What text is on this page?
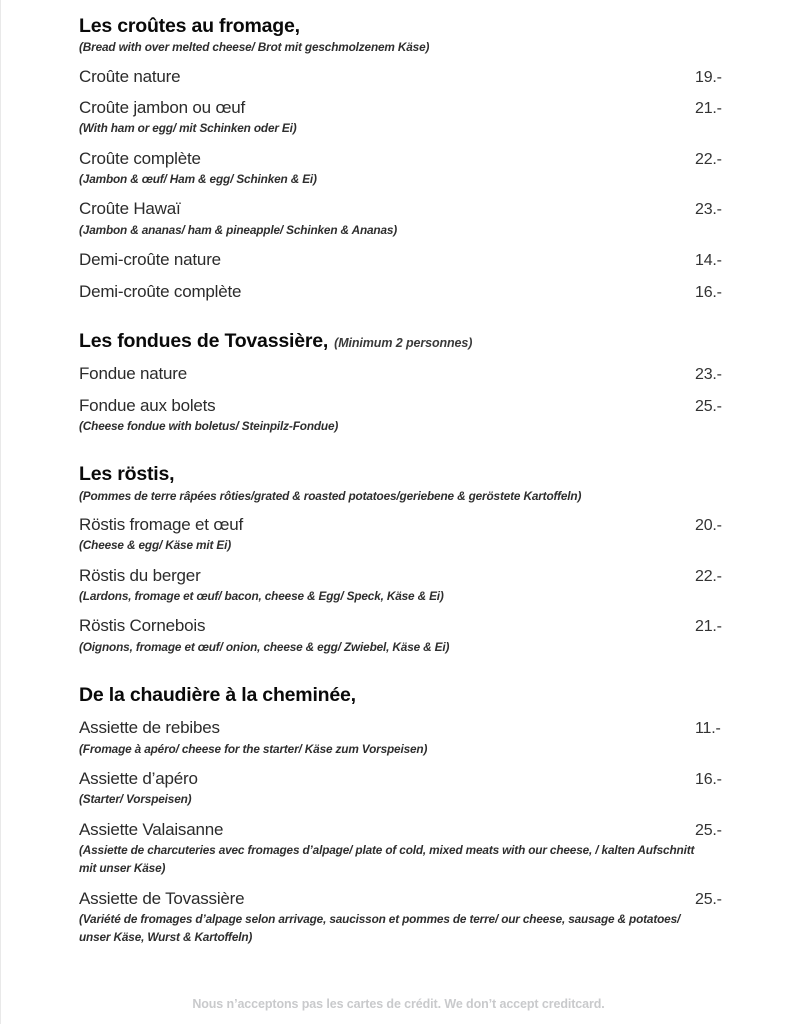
Les croûtes au fromage,
(Bread with over melted cheese/ Brot mit geschmolzenem Käse)
Croûte nature	19.-
Croûte jambon ou œuf	21.-
(With ham or egg/ mit Schinken oder Ei)
Croûte complète	22.-
(Jambon & œuf/ Ham & egg/ Schinken & Ei)
Croûte Hawaï	23.-
(Jambon & ananas/ ham & pineapple/ Schinken & Ananas)
Demi-croûte nature	14.-
Demi-croûte complète	16.-
Les fondues de Tovassière, (Minimum 2 personnes)
Fondue nature	23.-
Fondue aux bolets	25.-
(Cheese fondue with boletus/ Steinpilz-Fondue)
Les röstis,
(Pommes de terre râpées rôties/grated & roasted potatoes/geriebene & geröstete Kartoffeln)
Röstis fromage et œuf	20.-
(Cheese & egg/ Käse mit Ei)
Röstis du berger	22.-
(Lardons, fromage et œuf/ bacon, cheese & Egg/ Speck, Käse & Ei)
Röstis Cornebois	21.-
(Oignons, fromage et œuf/ onion, cheese & egg/ Zwiebel, Käse & Ei)
De la chaudière à la cheminée,
Assiette de rebibes	11.-
(Fromage à apéro/ cheese for the starter/ Käse zum Vorspeisen)
Assiette d’apéro	16.-
(Starter/ Vorspeisen)
Assiette Valaisanne	25.-
(Assiette de charcuteries avec fromages d’alpage/ plate of cold, mixed meats with our cheese, / kalten Aufschnitt mit unser Käse)
Assiette de Tovassière	25.-
(Variété de fromages d’alpage selon arrivage, saucisson et pommes de terre/ our cheese, sausage & potatoes/ unser Käse, Wurst & Kartoffeln)
Nous n’acceptons pas les cartes de crédit. We don’t accept creditcard.
